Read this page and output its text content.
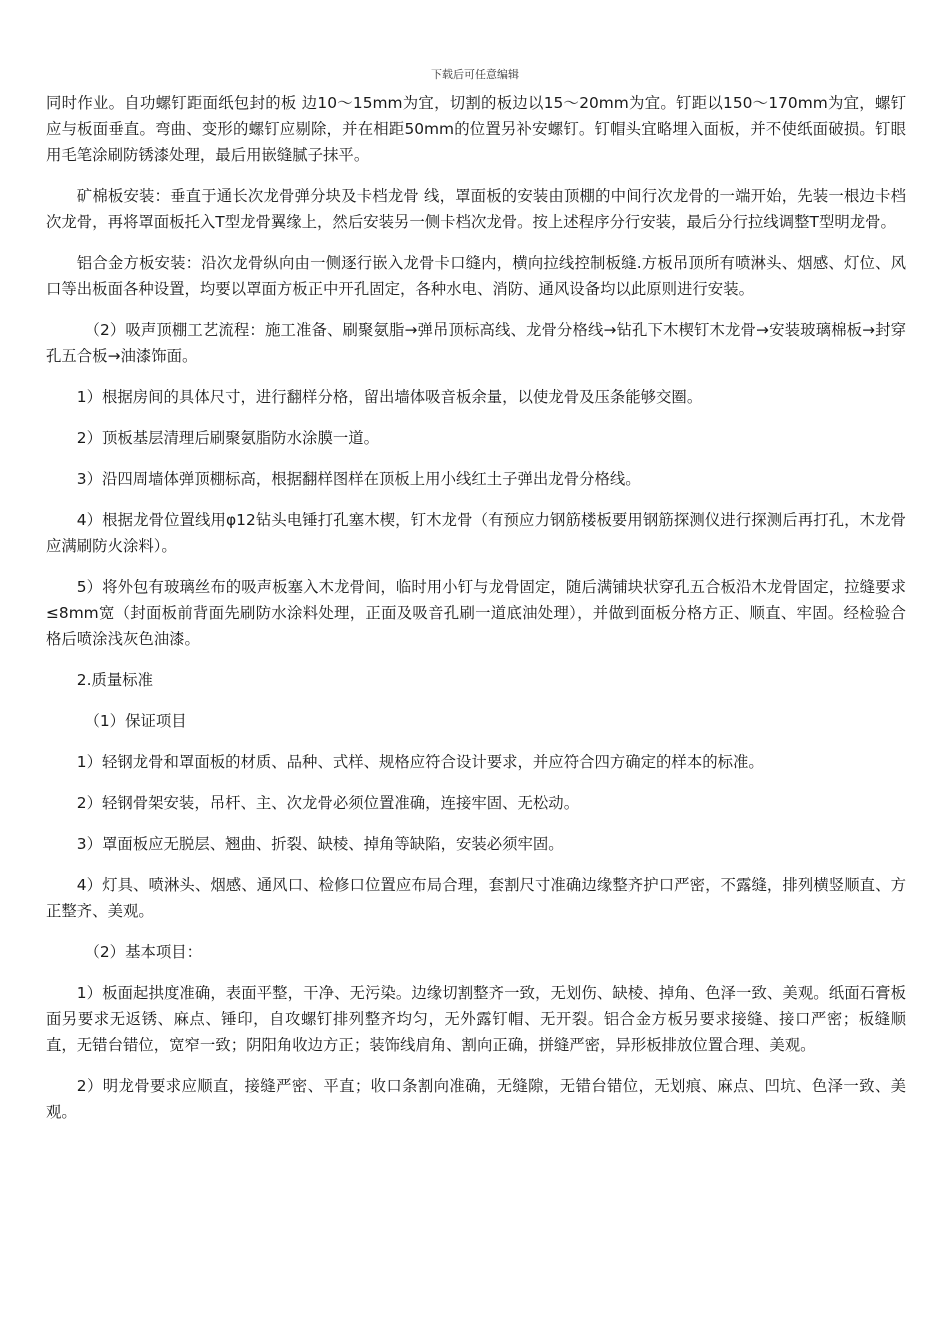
下载后可任意编辑

同时作业。自功螺钉距面纸包封的板 边10～15mm为宜，切割的板边以15～20mm为宜。钉距以150～170mm为宜，螺钉应与板面垂直。弯曲、变形的螺钉应剔除，并在相距50mm的位置另补安螺钉。钉帽头宜略埋入面板，并不使纸面破损。钉眼用毛笔涂刷防锈漆处理，最后用嵌缝腻子抹平。

矿棉板安装：垂直于通长次龙骨弹分块及卡档龙骨 线，罩面板的安装由顶棚的中间行次龙骨的一端开始，先装一根边卡档次龙骨，再将罩面板托入T型龙骨翼缘上，然后安装另一侧卡档次龙骨。按上述程序分行安装，最后分行拉线调整T型明龙骨。

铝合金方板安装：沿次龙骨纵向由一侧逐行嵌入龙骨卡口缝内，横向拉线控制板缝.方板吊顶所有喷淋头、烟感、灯位、风口等出板面各种设置，均要以罩面方板正中开孔固定，各种水电、消防、通风设备均以此原则进行安装。

（2）吸声顶棚工艺流程：施工准备、刷聚氨脂→弹吊顶标高线、龙骨分格线→钻孔下木楔钉木龙骨→安装玻璃棉板→封穿孔五合板→油漆饰面。

1）根据房间的具体尺寸，进行翻样分格，留出墙体吸音板余量，以使龙骨及压条能够交圈。

2）顶板基层清理后刷聚氨脂防水涂膜一道。

3）沿四周墙体弹顶棚标高，根据翻样图样在顶板上用小线红土子弹出龙骨分格线。

4）根据龙骨位置线用φ12钻头电锤打孔塞木楔，钉木龙骨（有预应力钢筋楼板要用钢筋探测仪进行探测后再打孔，木龙骨应满刷防火涂料）。

5）将外包有玻璃丝布的吸声板塞入木龙骨间，临时用小钉与龙骨固定，随后满铺块状穿孔五合板沿木龙骨固定，拉缝要求≤8mm宽（封面板前背面先刷防水涂料处理，正面及吸音孔刷一道底油处理），并做到面板分格方正、顺直、牢固。经检验合格后喷涂浅灰色油漆。

2.质量标准

（1）保证项目

1）轻钢龙骨和罩面板的材质、品种、式样、规格应符合设计要求，并应符合四方确定的样本的标准。

2）轻钢骨架安装，吊杆、主、次龙骨必须位置准确，连接牢固、无松动。

3）罩面板应无脱层、翘曲、折裂、缺棱、掉角等缺陷，安装必须牢固。

4）灯具、喷淋头、烟感、通风口、检修口位置应布局合理，套割尺寸准确边缘整齐护口严密，不露缝，排列横竖顺直、方正整齐、美观。

（2）基本项目：

1）板面起拱度准确，表面平整，干净、无污染。边缘切割整齐一致，无划伤、缺棱、掉角、色泽一致、美观。纸面石膏板面另要求无返锈、麻点、锤印，自攻螺钉排列整齐均匀，无外露钉帽、无开裂。铝合金方板另要求接缝、接口严密；板缝顺直，无错台错位，宽窄一致；阴阳角收边方正；装饰线肩角、割向正确，拼缝严密，异形板排放位置合理、美观。

2）明龙骨要求应顺直，接缝严密、平直；收口条割向准确，无缝隙，无错台错位，无划痕、麻点、凹坑、色泽一致、美观。
